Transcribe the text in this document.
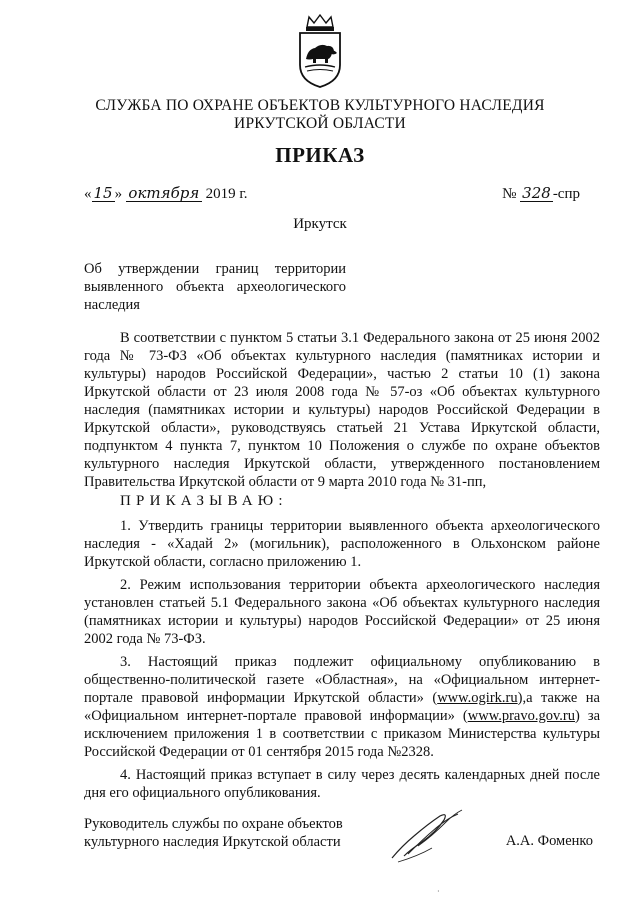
СЛУЖБА ПО ОХРАНЕ ОБЪЕКТОВ КУЛЬТУРНОГО НАСЛЕДИЯ
ИРКУТСКОЙ ОБЛАСТИ
ПРИКАЗ
« 15 » октября 2019 г.	№ 328 -спр
Иркутск
Об утверждении границ территории выявленного объекта археологического наследия
В соответствии с пунктом 5 статьи 3.1 Федерального закона от 25 июня 2002 года № 73-ФЗ «Об объектах культурного наследия (памятниках истории и культуры) народов Российской Федерации», частью 2 статьи 10 (1) закона Иркутской области от 23 июля 2008 года № 57-оз «Об объектах культурного наследия (памятниках истории и культуры) народов Российской Федерации в Иркутской области», руководствуясь статьей 21 Устава Иркутской области, подпунктом 4 пункта 7, пунктом 10 Положения о службе по охране объектов культурного наследия Иркутской области, утвержденного постановлением Правительства Иркутской области от 9 марта 2010 года № 31-пп,
ПРИКАЗЫВАЮ:
1. Утвердить границы территории выявленного объекта археологического наследия - «Хадай 2» (могильник), расположенного в Ольхонском районе Иркутской области, согласно приложению 1.
2. Режим использования территории объекта археологического наследия установлен статьей 5.1 Федерального закона «Об объектах культурного наследия (памятниках истории и культуры) народов Российской Федерации» от 25 июня 2002 года № 73-ФЗ.
3. Настоящий приказ подлежит официальному опубликованию в общественно-политической газете «Областная», на «Официальном интернет-портале правовой информации Иркутской области» (www.ogirk.ru),а также на «Официальном интернет-портале правовой информации» (www.pravo.gov.ru) за исключением приложения 1 в соответствии с приказом Министерства культуры Российской Федерации от 01 сентября 2015 года №2328.
4. Настоящий приказ вступает в силу через десять календарных дней после дня его официального опубликования.
Руководитель службы по охране объектов
культурного наследия Иркутской области	А.А. Фоменко
·
